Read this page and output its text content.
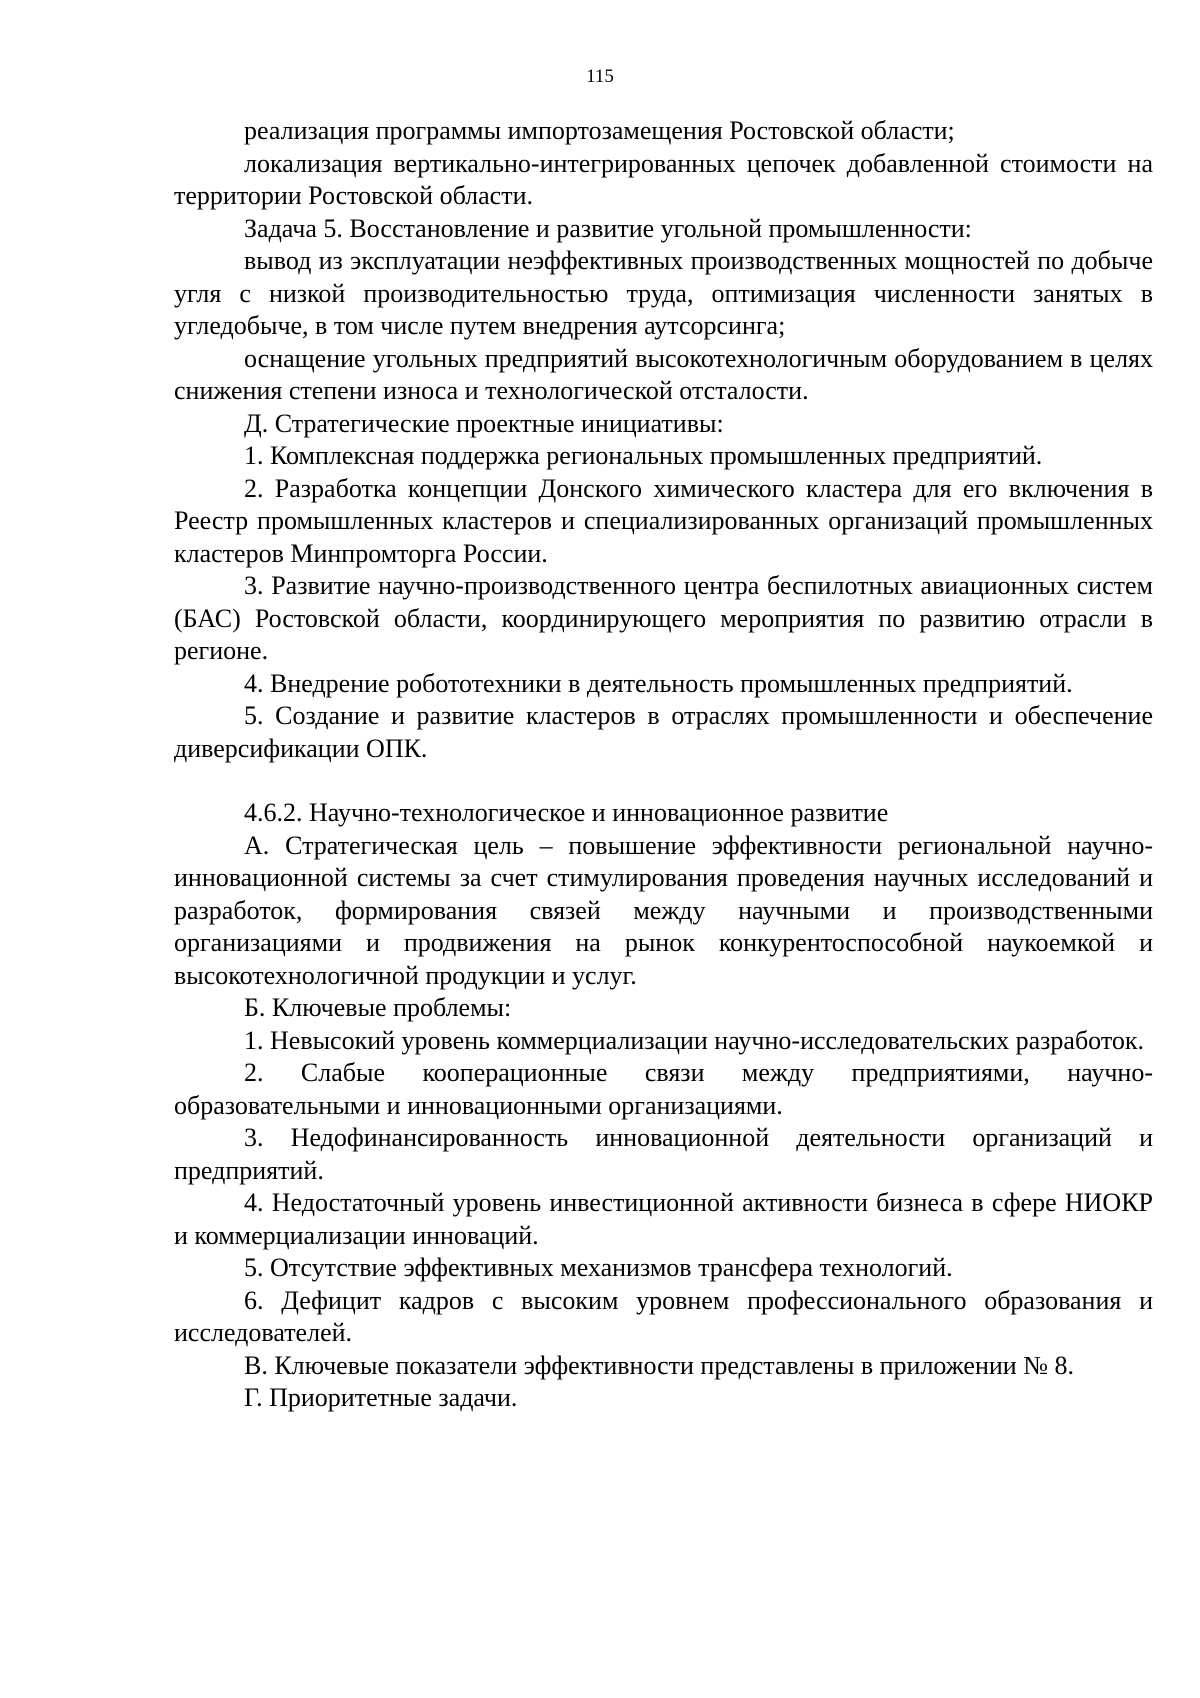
115

реализация программы импортозамещения Ростовской области;

локализация вертикально-интегрированных цепочек добавленной стоимости на территории Ростовской области.

Задача 5. Восстановление и развитие угольной промышленности:

вывод из эксплуатации неэффективных производственных мощностей по добыче угля с низкой производительностью труда, оптимизация численности занятых в угледобыче, в том числе путем внедрения аутсорсинга;

оснащение угольных предприятий высокотехнологичным оборудованием в целях снижения степени износа и технологической отсталости.

Д. Стратегические проектные инициативы:

1. Комплексная поддержка региональных промышленных предприятий.

2. Разработка концепции Донского химического кластера для его включения в Реестр промышленных кластеров и специализированных организаций промышленных кластеров Минпромторга России.

3. Развитие научно-производственного центра беспилотных авиационных систем (БАС) Ростовской области, координирующего мероприятия по развитию отрасли в регионе.

4. Внедрение робототехники в деятельность промышленных предприятий.

5. Создание и развитие кластеров в отраслях промышленности и обеспечение диверсификации ОПК.

4.6.2. Научно-технологическое и инновационное развитие

А. Стратегическая цель – повышение эффективности региональной научно-инновационной системы за счет стимулирования проведения научных исследований и разработок, формирования связей между научными и производственными организациями и продвижения на рынок конкурентоспособной наукоемкой и высокотехнологичной продукции и услуг.

Б. Ключевые проблемы:

1. Невысокий уровень коммерциализации научно-исследовательских разработок.

2. Слабые кооперационные связи между предприятиями, научно-образовательными и инновационными организациями.

3. Недофинансированность инновационной деятельности организаций и предприятий.

4. Недостаточный уровень инвестиционной активности бизнеса в сфере НИОКР и коммерциализации инноваций.

5. Отсутствие эффективных механизмов трансфера технологий.

6. Дефицит кадров с высоким уровнем профессионального образования и исследователей.

В. Ключевые показатели эффективности представлены в приложении № 8.

Г. Приоритетные задачи.
